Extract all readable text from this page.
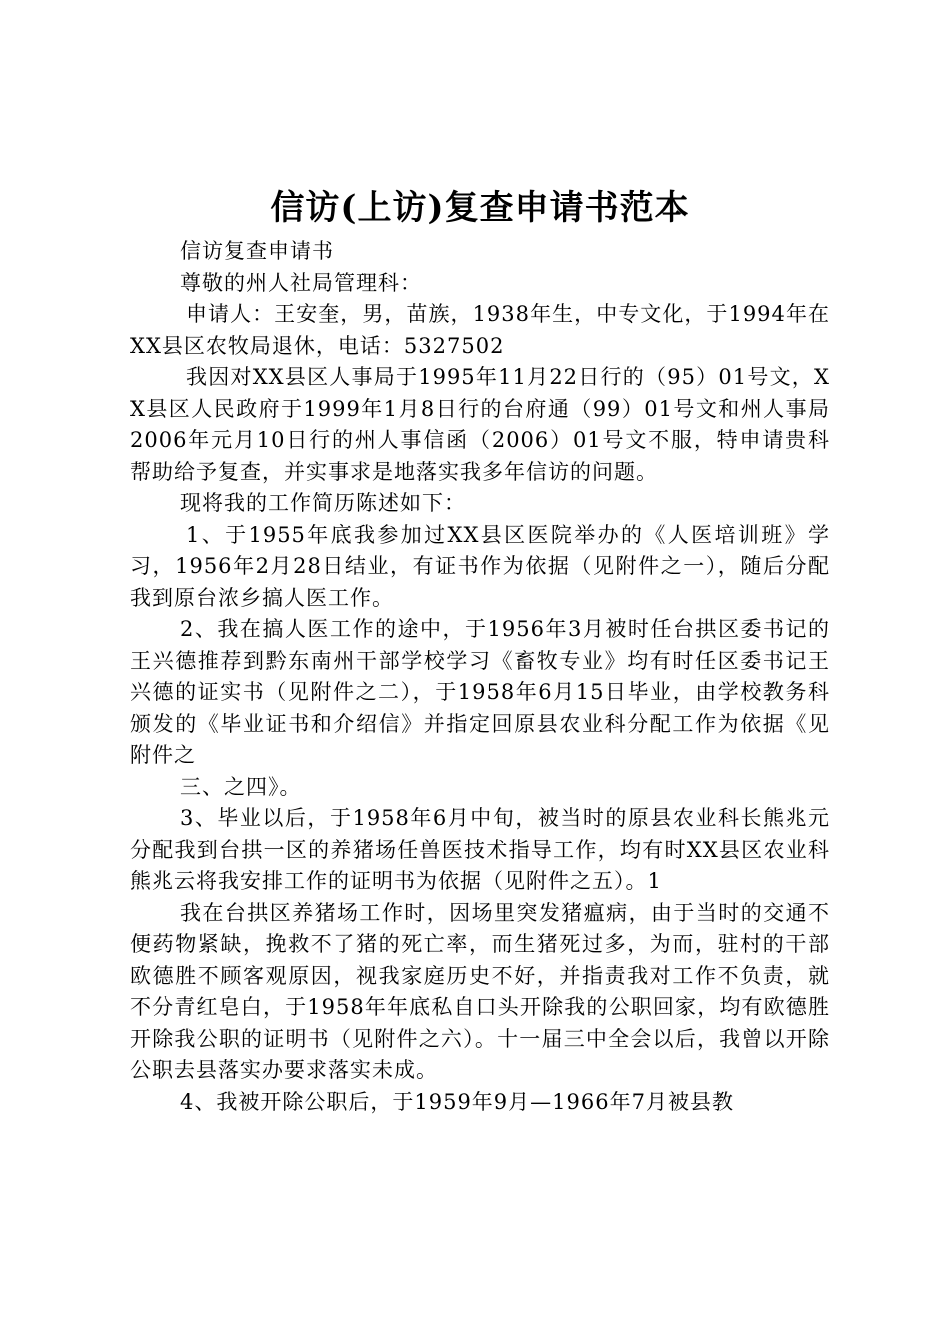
信访(上访)复查申请书范本

信访复查申请书

尊敬的州人社局管理科：

申请人：王安奎，男，苗族，1938年生，中专文化，于1994年在XX县区农牧局退休，电话：5327502

我因对XX县区人事局于1995年11月22日行的（95）01号文，XX县区人民政府于1999年1月8日行的台府通（99）01号文和州人事局2006年元月10日行的州人事信函（2006）01号文不服，特申请贵科帮助给予复查，并实事求是地落实我多年信访的问题。

现将我的工作简历陈述如下：

1、于1955年底我参加过XX县区医院举办的《人医培训班》学习，1956年2月28日结业，有证书作为依据（见附件之一），随后分配我到原台浓乡搞人医工作。

2、我在搞人医工作的途中，于1956年3月被时任台拱区委书记的王兴德推荐到黔东南州干部学校学习《畜牧专业》均有时任区委书记王兴德的证实书（见附件之二），于1958年6月15日毕业，由学校教务科颁发的《毕业证书和介绍信》并指定回原县农业科分配工作为依据《见附件之

三、之四》。

3、毕业以后，于1958年6月中旬，被当时的原县农业科长熊兆元分配我到台拱一区的养猪场任兽医技术指导工作，均有时XX县区农业科熊兆云将我安排工作的证明书为依据（见附件之五）。1

我在台拱区养猪场工作时，因场里突发猪瘟病，由于当时的交通不便药物紧缺，挽救不了猪的死亡率，而生猪死过多，为而，驻村的干部欧德胜不顾客观原因，视我家庭历史不好，并指责我对工作不负责，就不分青红皂白，于1958年年底私自口头开除我的公职回家，均有欧德胜开除我公职的证明书（见附件之六）。十一届三中全会以后，我曾以开除公职去县落实办要求落实未成。

4、我被开除公职后，于1959年9月—1966年7月被县教
